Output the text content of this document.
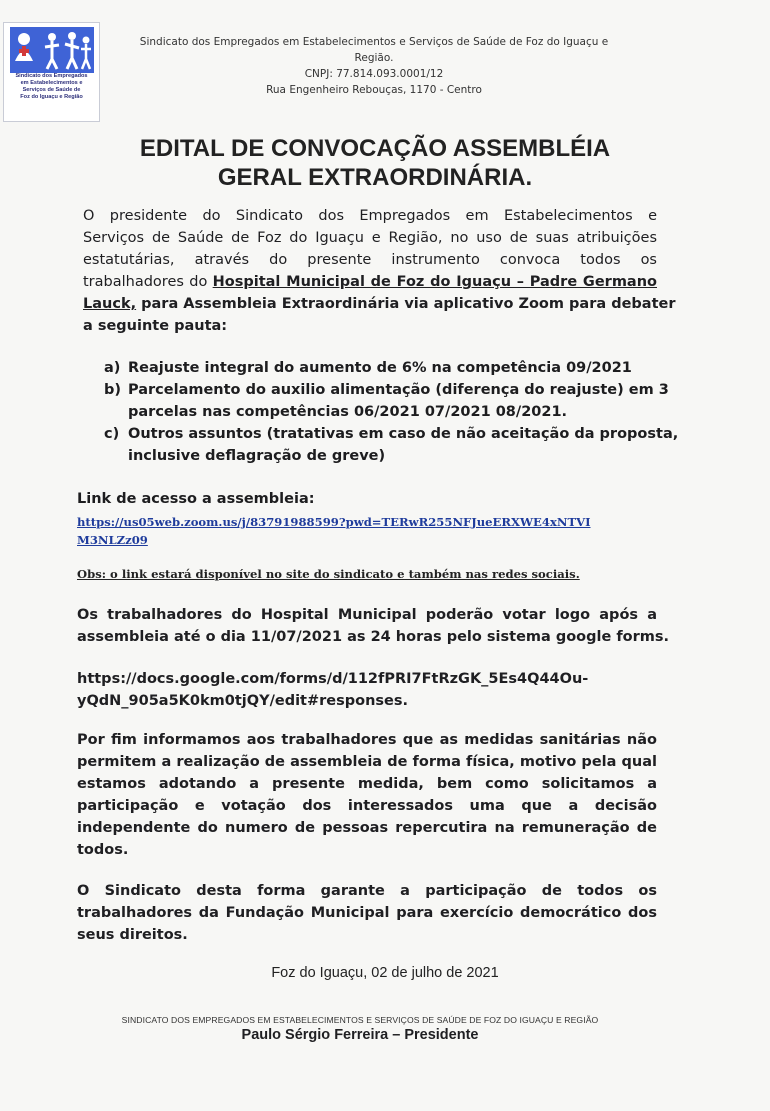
Sindicato dos Empregados
em Estabelecimentos e
Serviços de Saúde de
Foz do Iguaçu e Região
Sindicato dos Empregados em Estabelecimentos e Serviços de Saúde de Foz do Iguaçu e
Região.
CNPJ: 77.814.093.0001/12
Rua Engenheiro Rebouças, 1170 - Centro
EDITAL DE CONVOCAÇÃO ASSEMBLÉIA
GERAL EXTRAORDINÁRIA.
O presidente do Sindicato dos Empregados em Estabelecimentos e
Serviços de Saúde de Foz do Iguaçu e Região, no uso de suas atribuições
estatutárias, através do presente instrumento convoca todos os
trabalhadores do Hospital Municipal de Foz do Iguaçu – Padre Germano
Lauck, para Assembleia Extraordinária via aplicativo Zoom para debater
a seguinte pauta:
a) Reajuste integral do aumento de 6% na competência 09/2021
b) Parcelamento do auxilio alimentação (diferença do reajuste) em 3
parcelas nas competências 06/2021 07/2021 08/2021.
c) Outros assuntos (tratativas em caso de não aceitação da proposta,
inclusive deflagração de greve)
Link de acesso a assembleia:
https://us05web.zoom.us/j/83791988599?pwd=TERwR255NFJueERXWE4xNTVI
M3NLZz09
Obs: o link estará disponível no site do sindicato e também nas redes sociais.
Os trabalhadores do Hospital Municipal poderão votar logo após a
assembleia até o dia 11/07/2021 as 24 horas pelo sistema google forms.
https://docs.google.com/forms/d/112fPRI7FtRzGK_5Es4Q44Ou-
yQdN_905a5K0km0tjQY/edit#responses.
Por fim informamos aos trabalhadores que as medidas sanitárias não
permitem a realização de assembleia de forma física, motivo pela qual
estamos adotando a presente medida, bem como solicitamos a
participação e votação dos interessados uma que a decisão
independente do numero de pessoas repercutira na remuneração de
todos.
O Sindicato desta forma garante a participação de todos os
trabalhadores da Fundação Municipal para exercício democrático dos
seus direitos.
Foz do Iguaçu, 02 de julho de 2021
SINDICATO DOS EMPREGADOS EM ESTABELECIMENTOS E SERVIÇOS DE SAÚDE DE FOZ DO IGUAÇU E REGIÃO
Paulo Sérgio Ferreira – Presidente
